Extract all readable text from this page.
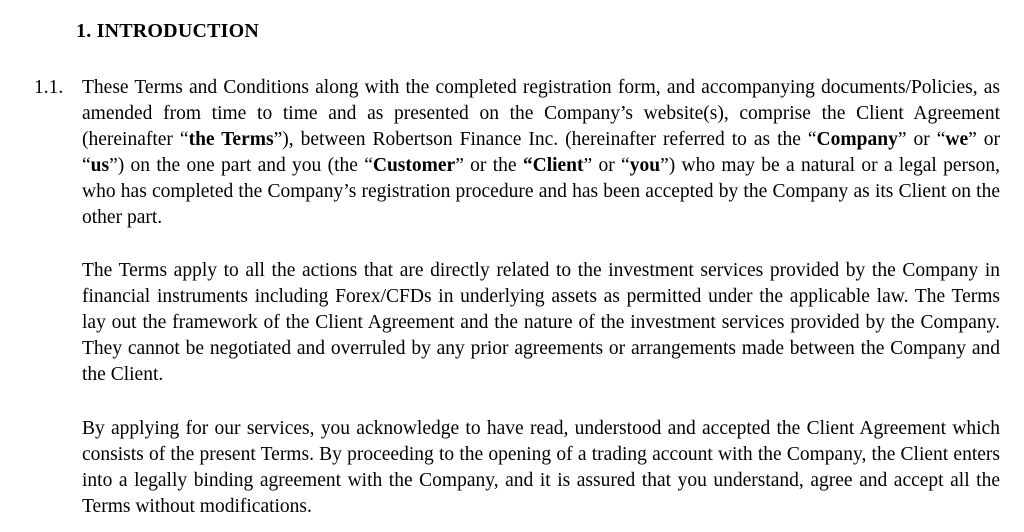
1. INTRODUCTION
1.1. These Terms and Conditions along with the completed registration form, and accompanying documents/Policies, as amended from time to time and as presented on the Company’s website(s), comprise the Client Agreement (hereinafter “the Terms”), between Robertson Finance Inc. (hereinafter referred to as the “Company” or “we” or “us”) on the one part and you (the “Customer” or the “Client” or “you”) who may be a natural or a legal person, who has completed the Company’s registration procedure and has been accepted by the Company as its Client on the other part.

The Terms apply to all the actions that are directly related to the investment services provided by the Company in financial instruments including Forex/CFDs in underlying assets as permitted under the applicable law. The Terms lay out the framework of the Client Agreement and the nature of the investment services provided by the Company. They cannot be negotiated and overruled by any prior agreements or arrangements made between the Company and the Client.

By applying for our services, you acknowledge to have read, understood and accepted the Client Agreement which consists of the present Terms. By proceeding to the opening of a trading account with the Company, the Client enters into a legally binding agreement with the Company, and it is assured that you understand, agree and accept all the Terms without modifications.
